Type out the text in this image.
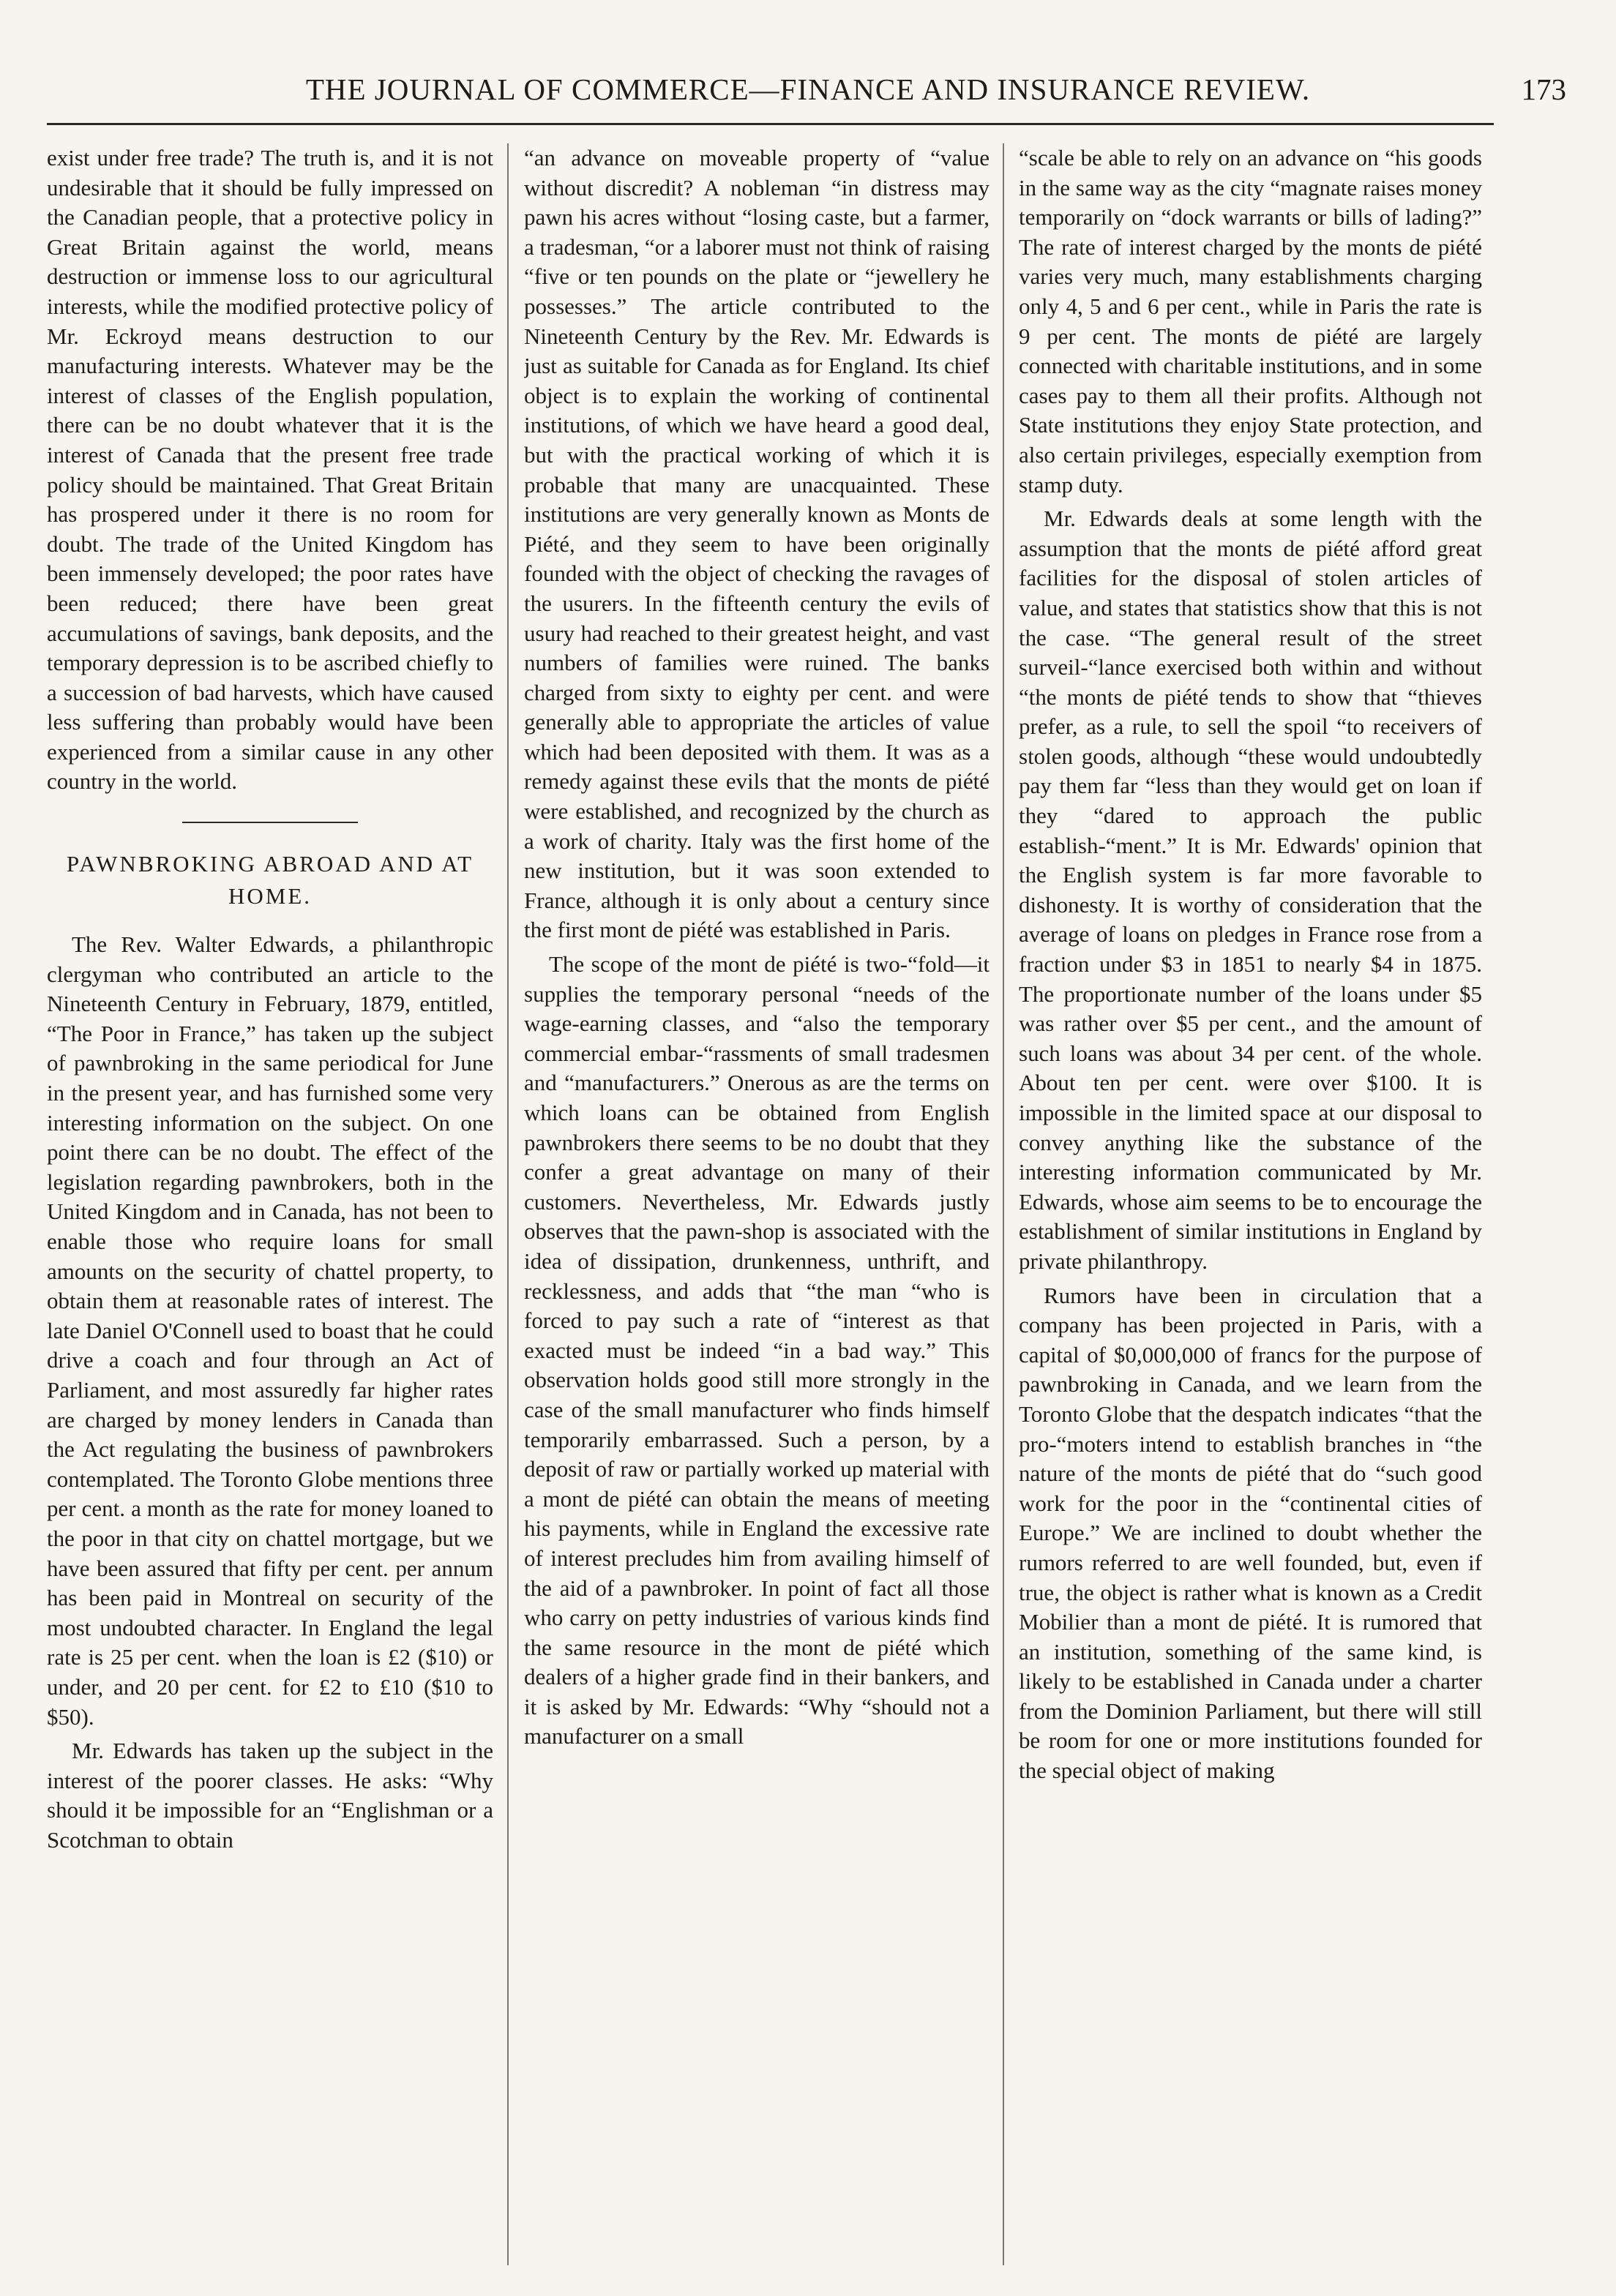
THE JOURNAL OF COMMERCE—FINANCE AND INSURANCE REVIEW.	173

exist under free trade? The truth is, and it is not undesirable that it should be fully impressed on the Canadian people, that a protective policy in Great Britain against the world, means destruction or immense loss to our agricultural interests, while the modified protective policy of Mr. Eckroyd means destruction to our manufacturing interests. Whatever may be the interest of classes of the English population, there can be no doubt whatever that it is the interest of Canada that the present free trade policy should be maintained. That Great Britain has prospered under it there is no room for doubt. The trade of the United Kingdom has been immensely developed; the poor rates have been reduced; there have been great accumulations of savings, bank deposits, and the temporary depression is to be ascribed chiefly to a succession of bad harvests, which have caused less suffering than probably would have been experienced from a similar cause in any other country in the world.

PAWNBROKING ABROAD AND AT HOME.

The Rev. Walter Edwards, a philanthropic clergyman who contributed an article to the Nineteenth Century in February, 1879, entitled, “The Poor in France,” has taken up the subject of pawnbroking in the same periodical for June in the present year, and has furnished some very interesting information on the subject. On one point there can be no doubt. The effect of the legislation regarding pawnbrokers, both in the United Kingdom and in Canada, has not been to enable those who require loans for small amounts on the security of chattel property, to obtain them at reasonable rates of interest. The late Daniel O'Connell used to boast that he could drive a coach and four through an Act of Parliament, and most assuredly far higher rates are charged by money lenders in Canada than the Act regulating the business of pawnbrokers contemplated. The Toronto Globe mentions three per cent. a month as the rate for money loaned to the poor in that city on chattel mortgage, but we have been assured that fifty per cent. per annum has been paid in Montreal on security of the most undoubted character. In England the legal rate is 25 per cent. when the loan is £2 ($10) or under, and 20 per cent. for £2 to £10 ($10 to $50).

Mr. Edwards has taken up the subject in the interest of the poorer classes. He asks: “Why should it be impossible for an “Englishman or a Scotchman to obtain

“an advance on moveable property of “value without discredit? A nobleman “in distress may pawn his acres without “losing caste, but a farmer, a tradesman, “or a laborer must not think of raising “five or ten pounds on the plate or “jewellery he possesses.” The article contributed to the Nineteenth Century by the Rev. Mr. Edwards is just as suitable for Canada as for England. Its chief object is to explain the working of continental institutions, of which we have heard a good deal, but with the practical working of which it is probable that many are unacquainted. These institutions are very generally known as Monts de Piété, and they seem to have been originally founded with the object of checking the ravages of the usurers. In the fifteenth century the evils of usury had reached to their greatest height, and vast numbers of families were ruined. The banks charged from sixty to eighty per cent. and were generally able to appropriate the articles of value which had been deposited with them. It was as a remedy against these evils that the monts de piété were established, and recognized by the church as a work of charity. Italy was the first home of the new institution, but it was soon extended to France, although it is only about a century since the first mont de piété was established in Paris.

The scope of the mont de piété is two-“fold—it supplies the temporary personal “needs of the wage-earning classes, and “also the temporary commercial embar-“rassments of small tradesmen and “manufacturers.” Onerous as are the terms on which loans can be obtained from English pawnbrokers there seems to be no doubt that they confer a great advantage on many of their customers. Nevertheless, Mr. Edwards justly observes that the pawn-shop is associated with the idea of dissipation, drunkenness, unthrift, and recklessness, and adds that “the man “who is forced to pay such a rate of “interest as that exacted must be indeed “in a bad way.” This observation holds good still more strongly in the case of the small manufacturer who finds himself temporarily embarrassed. Such a person, by a deposit of raw or partially worked up material with a mont de piété can obtain the means of meeting his payments, while in England the excessive rate of interest precludes him from availing himself of the aid of a pawnbroker. In point of fact all those who carry on petty industries of various kinds find the same resource in the mont de piété which dealers of a higher grade find in their bankers, and it is asked by Mr. Edwards: “Why “should not a manufacturer on a small

“scale be able to rely on an advance on “his goods in the same way as the city “magnate raises money temporarily on “dock warrants or bills of lading?” The rate of interest charged by the monts de piété varies very much, many establishments charging only 4, 5 and 6 per cent., while in Paris the rate is 9 per cent. The monts de piété are largely connected with charitable institutions, and in some cases pay to them all their profits. Although not State institutions they enjoy State protection, and also certain privileges, especially exemption from stamp duty.

Mr. Edwards deals at some length with the assumption that the monts de piété afford great facilities for the disposal of stolen articles of value, and states that statistics show that this is not the case. “The general result of the street surveil-“lance exercised both within and without “the monts de piété tends to show that “thieves prefer, as a rule, to sell the spoil “to receivers of stolen goods, although “these would undoubtedly pay them far “less than they would get on loan if they “dared to approach the public establish-“ment.” It is Mr. Edwards' opinion that the English system is far more favorable to dishonesty. It is worthy of consideration that the average of loans on pledges in France rose from a fraction under $3 in 1851 to nearly $4 in 1875. The proportionate number of the loans under $5 was rather over $5 per cent., and the amount of such loans was about 34 per cent. of the whole. About ten per cent. were over $100. It is impossible in the limited space at our disposal to convey anything like the substance of the interesting information communicated by Mr. Edwards, whose aim seems to be to encourage the establishment of similar institutions in England by private philanthropy.

Rumors have been in circulation that a company has been projected in Paris, with a capital of $0,000,000 of francs for the purpose of pawnbroking in Canada, and we learn from the Toronto Globe that the despatch indicates “that the pro-“moters intend to establish branches in “the nature of the monts de piété that do “such good work for the poor in the “continental cities of Europe.” We are inclined to doubt whether the rumors referred to are well founded, but, even if true, the object is rather what is known as a Credit Mobilier than a mont de piété. It is rumored that an institution, something of the same kind, is likely to be established in Canada under a charter from the Dominion Parliament, but there will still be room for one or more institutions founded for the special object of making
